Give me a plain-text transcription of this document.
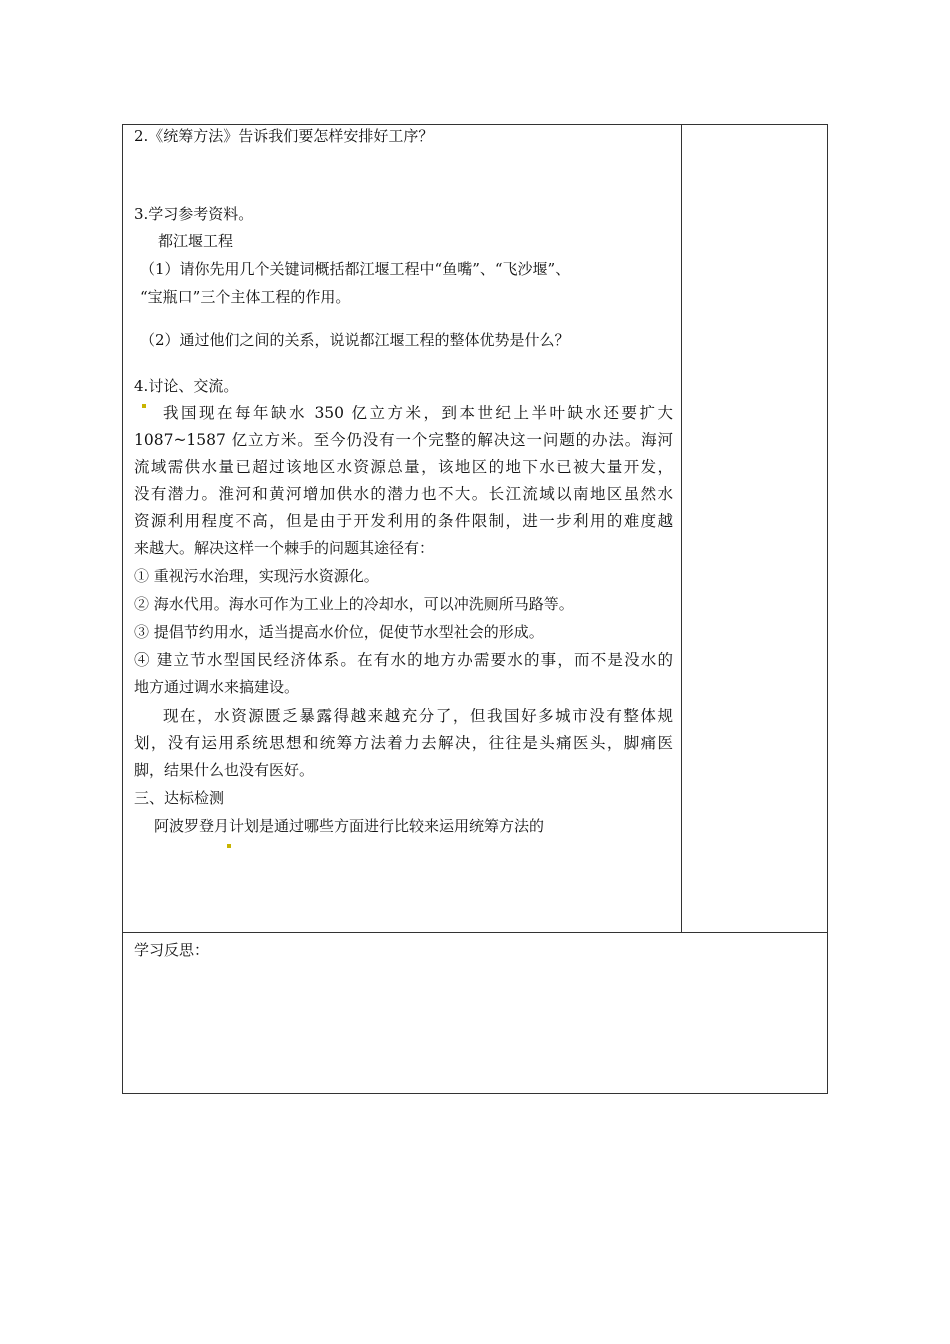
2.《统筹方法》告诉我们要怎样安排好工序？
3.学习参考资料。
都江堰工程
（1）请你先用几个关键词概括都江堰工程中“鱼嘴”、“飞沙堰”、
“宝瓶口”三个主体工程的作用。
（2）通过他们之间的关系，说说都江堰工程的整体优势是什么？
4.讨论、交流。
我国现在每年缺水 350 亿立方米，到本世纪上半叶缺水还要扩大
1087~1587 亿立方米。至今仍没有一个完整的解决这一问题的办法。海河
流域需供水量已超过该地区水资源总量，该地区的地下水已被大量开发，
没有潜力。淮河和黄河增加供水的潜力也不大。长江流域以南地区虽然水
资源利用程度不高，但是由于开发利用的条件限制，进一步利用的难度越
来越大。解决这样一个棘手的问题其途径有：
① 重视污水治理，实现污水资源化。
② 海水代用。海水可作为工业上的冷却水，可以冲洗厕所马路等。
③ 提倡节约用水，适当提高水价位，促使节水型社会的形成。
④ 建立节水型国民经济体系。在有水的地方办需要水的事，而不是没水的
地方通过调水来搞建设。
现在，水资源匮乏暴露得越来越充分了，但我国好多城市没有整体规
划，没有运用系统思想和统筹方法着力去解决，往往是头痛医头，脚痛医
脚，结果什么也没有医好。
三、达标检测
阿波罗登月计划是通过哪些方面进行比较来运用统筹方法的
学习反思：
